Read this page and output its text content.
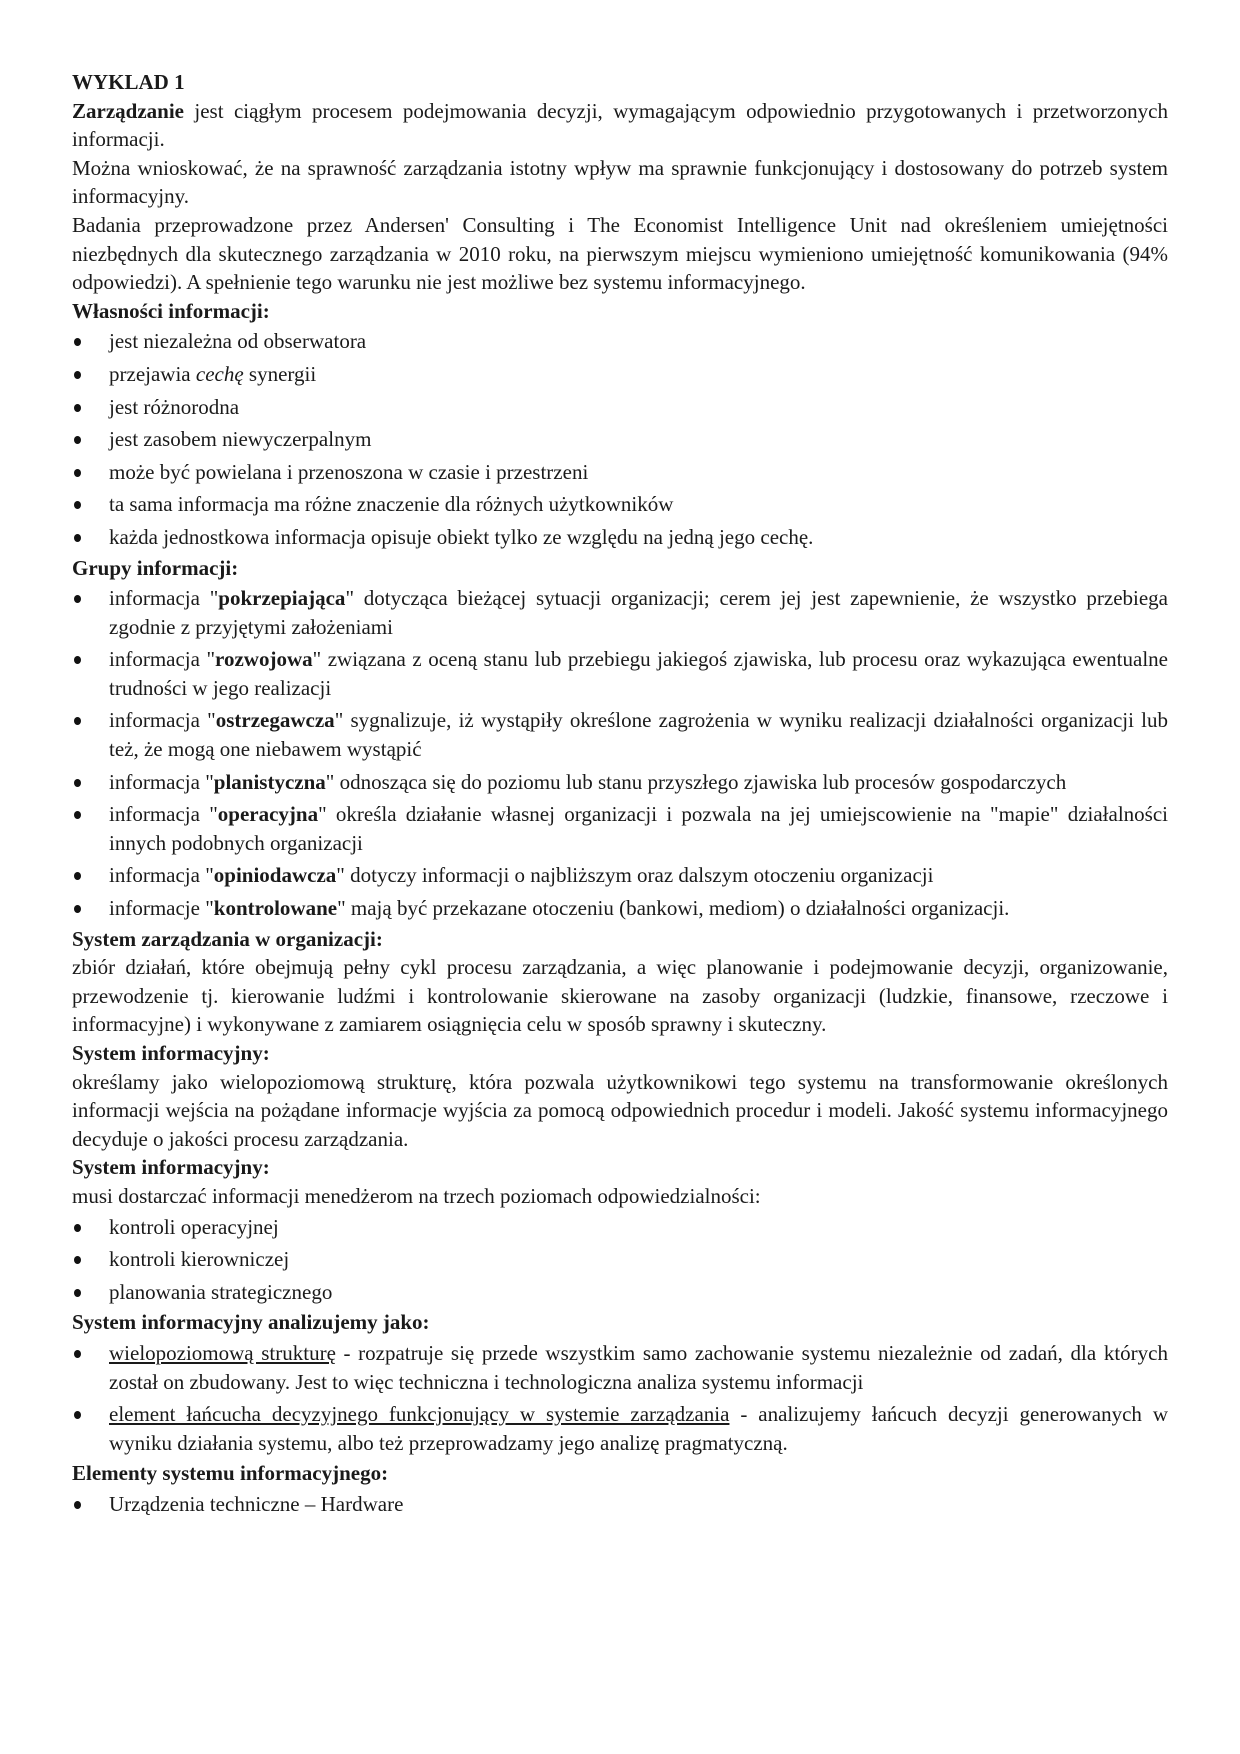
WYKLAD 1

Zarządzanie jest ciągłym procesem podejmowania decyzji, wymagającym odpowiednio przygotowanych i przetworzonych informacji.

Można wnioskować, że na sprawność zarządzania istotny wpływ ma sprawnie funkcjonujący i dostosowany do potrzeb system informacyjny.

Badania przeprowadzone przez Andersen' Consulting i The Economist Intelligence Unit nad określeniem umiejętności niezbędnych dla skutecznego zarządzania w 2010 roku, na pierwszym miejscu wymieniono umiejętność komunikowania (94% odpowiedzi). A spełnienie tego warunku nie jest możliwe bez systemu informacyjnego.

Własności informacji:

jest niezależna od obserwatora
przejawia cechę synergii
jest różnorodna
jest zasobem niewyczerpalnym
może być powielana i przenoszona w czasie i przestrzeni
ta sama informacja ma różne znaczenie dla różnych użytkowników
każda jednostkowa informacja opisuje obiekt tylko ze względu na jedną jego cechę.

Grupy informacji:

informacja "pokrzepiająca" dotycząca bieżącej sytuacji organizacji; cerem jej jest zapewnienie, że wszystko przebiega zgodnie z przyjętymi założeniami
informacja "rozwojowa" związana z oceną stanu lub przebiegu jakiegoś zjawiska, lub procesu oraz wykazująca ewentualne trudności w jego realizacji
informacja "ostrzegawcza" sygnalizuje, iż wystąpiły określone zagrożenia w wyniku realizacji działalności organizacji lub też, że mogą one niebawem wystąpić
informacja "planistyczna" odnosząca się do poziomu lub stanu przyszłego zjawiska lub procesów gospodarczych
informacja "operacyjna" określa działanie własnej organizacji i pozwala na jej umiejscowienie na "mapie" działalności innych podobnych organizacji
informacja "opiniodawcza" dotyczy informacji o najbliższym oraz dalszym otoczeniu organizacji
informacje "kontrolowane" mają być przekazane otoczeniu (bankowi, mediom) o działalności organizacji.

System zarządzania w organizacji:

zbiór działań, które obejmują pełny cykl procesu zarządzania, a więc planowanie i podejmowanie decyzji, organizowanie, przewodzenie tj. kierowanie ludźmi i kontrolowanie skierowane na zasoby organizacji (ludzkie, finansowe, rzeczowe i informacyjne) i wykonywane z zamiarem osiągnięcia celu w sposób sprawny i skuteczny.

System informacyjny:

określamy jako wielopoziomową strukturę, która pozwala użytkownikowi tego systemu na transformowanie określonych informacji wejścia na pożądane informacje wyjścia za pomocą odpowiednich procedur i modeli. Jakość systemu informacyjnego decyduje o jakości procesu zarządzania.

System informacyjny:

musi dostarczać informacji menedżerom na trzech poziomach odpowiedzialności:

kontroli operacyjnej
kontroli kierowniczej
planowania strategicznego

System informacyjny analizujemy jako:

wielopoziomową strukturę - rozpatruje się przede wszystkim samo zachowanie systemu niezależnie od zadań, dla których został on zbudowany. Jest to więc techniczna i technologiczna analiza systemu informacji
element łańcucha decyzyjnego funkcjonujący w systemie zarządzania - analizujemy łańcuch decyzji generowanych w wyniku działania systemu, albo też przeprowadzamy jego analizę pragmatyczną.

Elementy systemu informacyjnego:

Urządzenia techniczne – Hardware
